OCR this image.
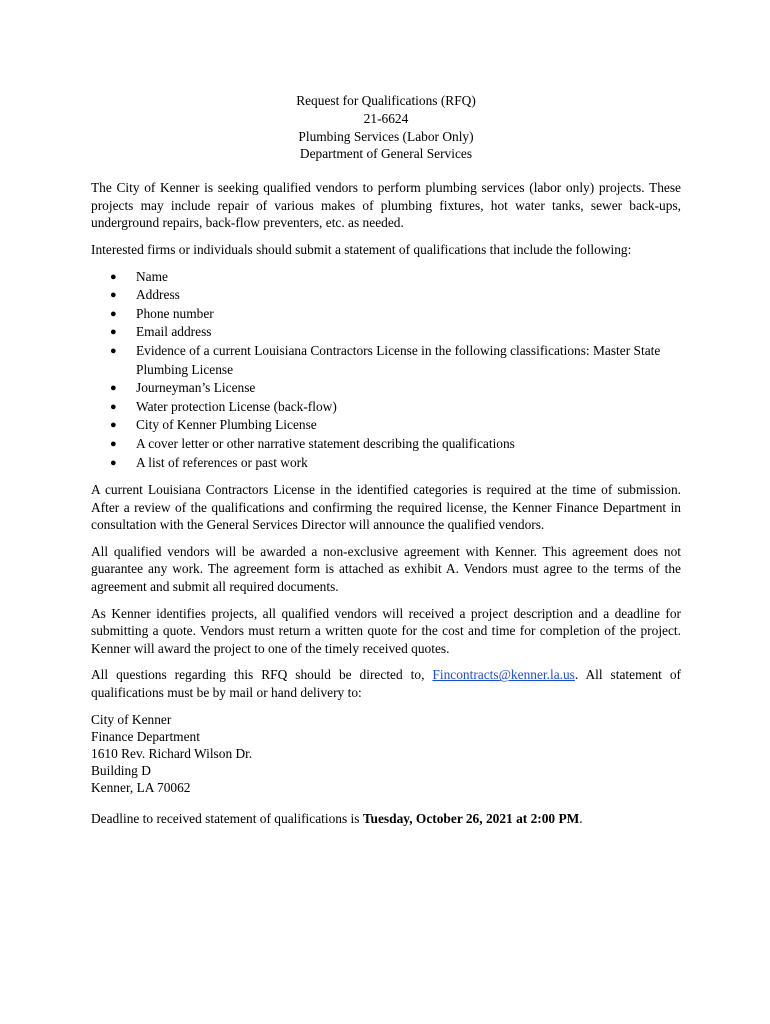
Request for Qualifications (RFQ)
21-6624
Plumbing Services (Labor Only)
Department of General Services

The City of Kenner is seeking qualified vendors to perform plumbing services (labor only) projects. These projects may include repair of various makes of plumbing fixtures, hot water tanks, sewer back-ups, underground repairs, back-flow preventers, etc. as needed.

Interested firms or individuals should submit a statement of qualifications that include the following:

● Name
● Address
● Phone number
● Email address
● Evidence of a current Louisiana Contractors License in the following classifications: Master State Plumbing License
● Journeyman’s License
● Water protection License (back-flow)
● City of Kenner Plumbing License
● A cover letter or other narrative statement describing the qualifications
● A list of references or past work

A current Louisiana Contractors License in the identified categories is required at the time of submission. After a review of the qualifications and confirming the required license, the Kenner Finance Department in consultation with the General Services Director will announce the qualified vendors.

All qualified vendors will be awarded a non-exclusive agreement with Kenner. This agreement does not guarantee any work. The agreement form is attached as exhibit A. Vendors must agree to the terms of the agreement and submit all required documents.

As Kenner identifies projects, all qualified vendors will received a project description and a deadline for submitting a quote. Vendors must return a written quote for the cost and time for completion of the project. Kenner will award the project to one of the timely received quotes.

All questions regarding this RFQ should be directed to, Fincontracts@kenner.la.us. All statement of qualifications must be by mail or hand delivery to:

City of Kenner
Finance Department
1610 Rev. Richard Wilson Dr.
Building D
Kenner, LA 70062

Deadline to received statement of qualifications is Tuesday, October 26, 2021 at 2:00 PM.
